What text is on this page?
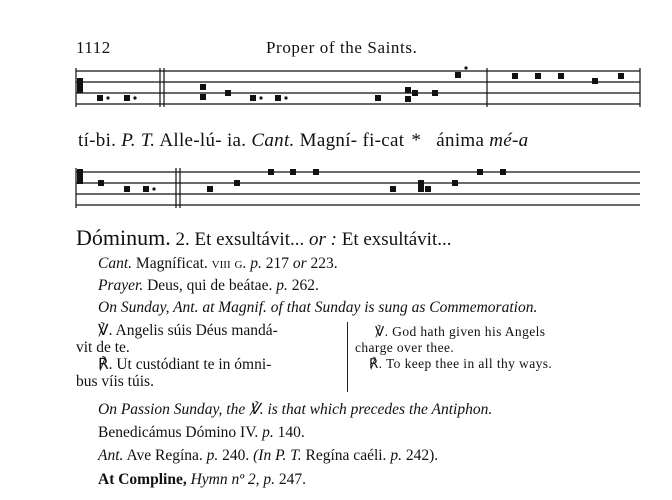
1112	Proper of the Saints.
tí-bi. P. T. Alle-lú- ia. Cant. Magní- fi-cat * ánima mé-a
Dóminum. 2. Et exsultávit... or : Et exsultávit...
Cant. Magníficat. viii g. p. 217 or 223.
Prayer. Deus, qui de beátae. p. 262.
On Sunday, Ant. at Magnif. of that Sunday is sung as Commemoration.
℣. Angelis súis Déus mandá-
vit de te.
℟. Ut custódiant te in ómni-
bus víis túis.
℣. God hath given his Angels
charge over thee.
℟. To keep thee in all thy ways.
On Passion Sunday, the ℣. is that which precedes the Antiphon.
Benedicámus Dómino IV. p. 140.
Ant. Ave Regína. p. 240. (In P. T. Regína caéli. p. 242).
At Compline, Hymn nº 2, p. 247.
